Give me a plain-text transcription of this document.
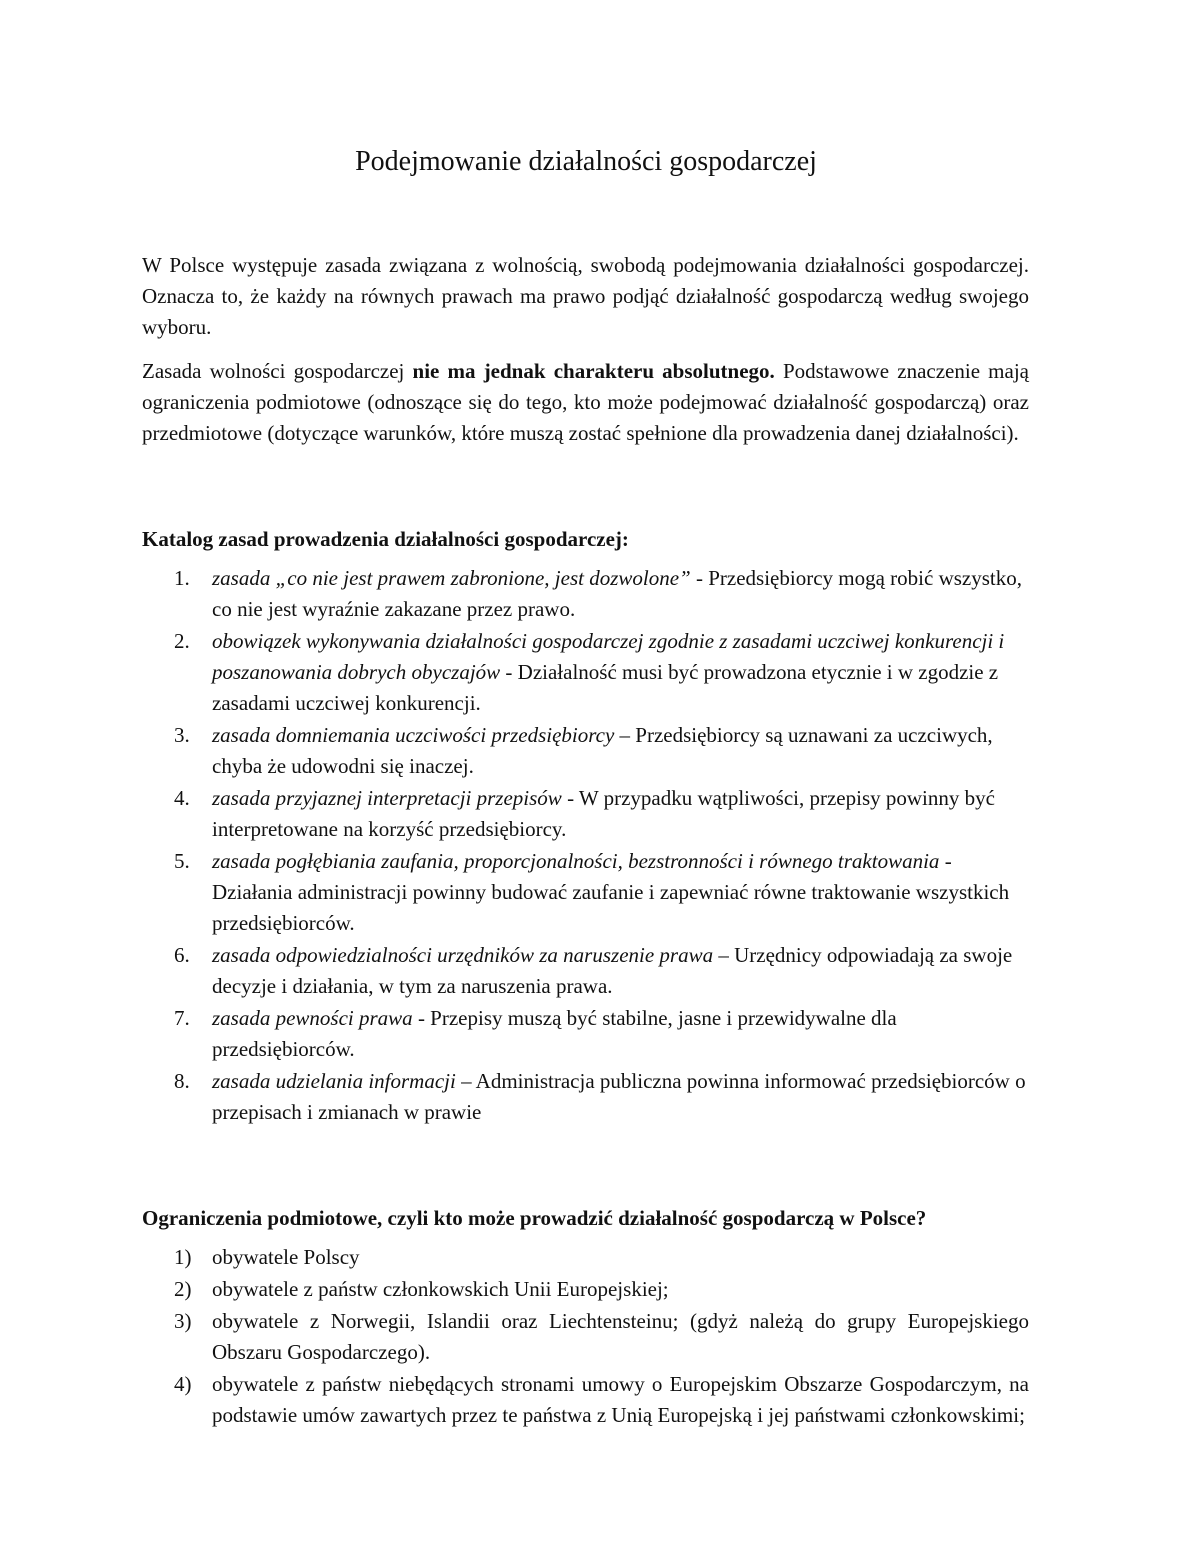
Podejmowanie działalności gospodarczej

W Polsce występuje zasada związana z wolnością, swobodą podejmowania działalności gospodarczej. Oznacza to, że każdy na równych prawach ma prawo podjąć działalność gospodarczą według swojego wyboru.

Zasada wolności gospodarczej nie ma jednak charakteru absolutnego. Podstawowe znaczenie mają ograniczenia podmiotowe (odnoszące się do tego, kto może podejmować działalność gospodarczą) oraz przedmiotowe (dotyczące warunków, które muszą zostać spełnione dla prowadzenia danej działalności).

Katalog zasad prowadzenia działalności gospodarczej:
1.	zasada „co nie jest prawem zabronione, jest dozwolone” - Przedsiębiorcy mogą robić wszystko, co nie jest wyraźnie zakazane przez prawo.
2.	obowiązek wykonywania działalności gospodarczej zgodnie z zasadami uczciwej konkurencji i poszanowania dobrych obyczajów - Działalność musi być prowadzona etycznie i w zgodzie z zasadami uczciwej konkurencji.
3.	zasada domniemania uczciwości przedsiębiorcy – Przedsiębiorcy są uznawani za uczciwych, chyba że udowodni się inaczej.
4.	zasada przyjaznej interpretacji przepisów - W przypadku wątpliwości, przepisy powinny być interpretowane na korzyść przedsiębiorcy.
5.	zasada pogłębiania zaufania, proporcjonalności, bezstronności i równego traktowania - Działania administracji powinny budować zaufanie i zapewniać równe traktowanie wszystkich przedsiębiorców.
6.	zasada odpowiedzialności urzędników za naruszenie prawa – Urzędnicy odpowiadają za swoje decyzje i działania, w tym za naruszenia prawa.
7.	zasada pewności prawa - Przepisy muszą być stabilne, jasne i przewidywalne dla przedsiębiorców.
8.	zasada udzielania informacji – Administracja publiczna powinna informować przedsiębiorców o przepisach i zmianach w prawie
Ograniczenia podmiotowe, czyli kto może prowadzić działalność gospodarczą w Polsce?
1) obywatele Polscy
2) obywatele z państw członkowskich Unii Europejskiej;
3) obywatele z Norwegii, Islandii oraz Liechtensteinu; (gdyż należą do grupy Europejskiego Obszaru Gospodarczego).
4) obywatele z państw niebędących stronami umowy o Europejskim Obszarze Gospodarczym, na podstawie umów zawartych przez te państwa z Unią Europejską i jej państwami członkowskimi;
